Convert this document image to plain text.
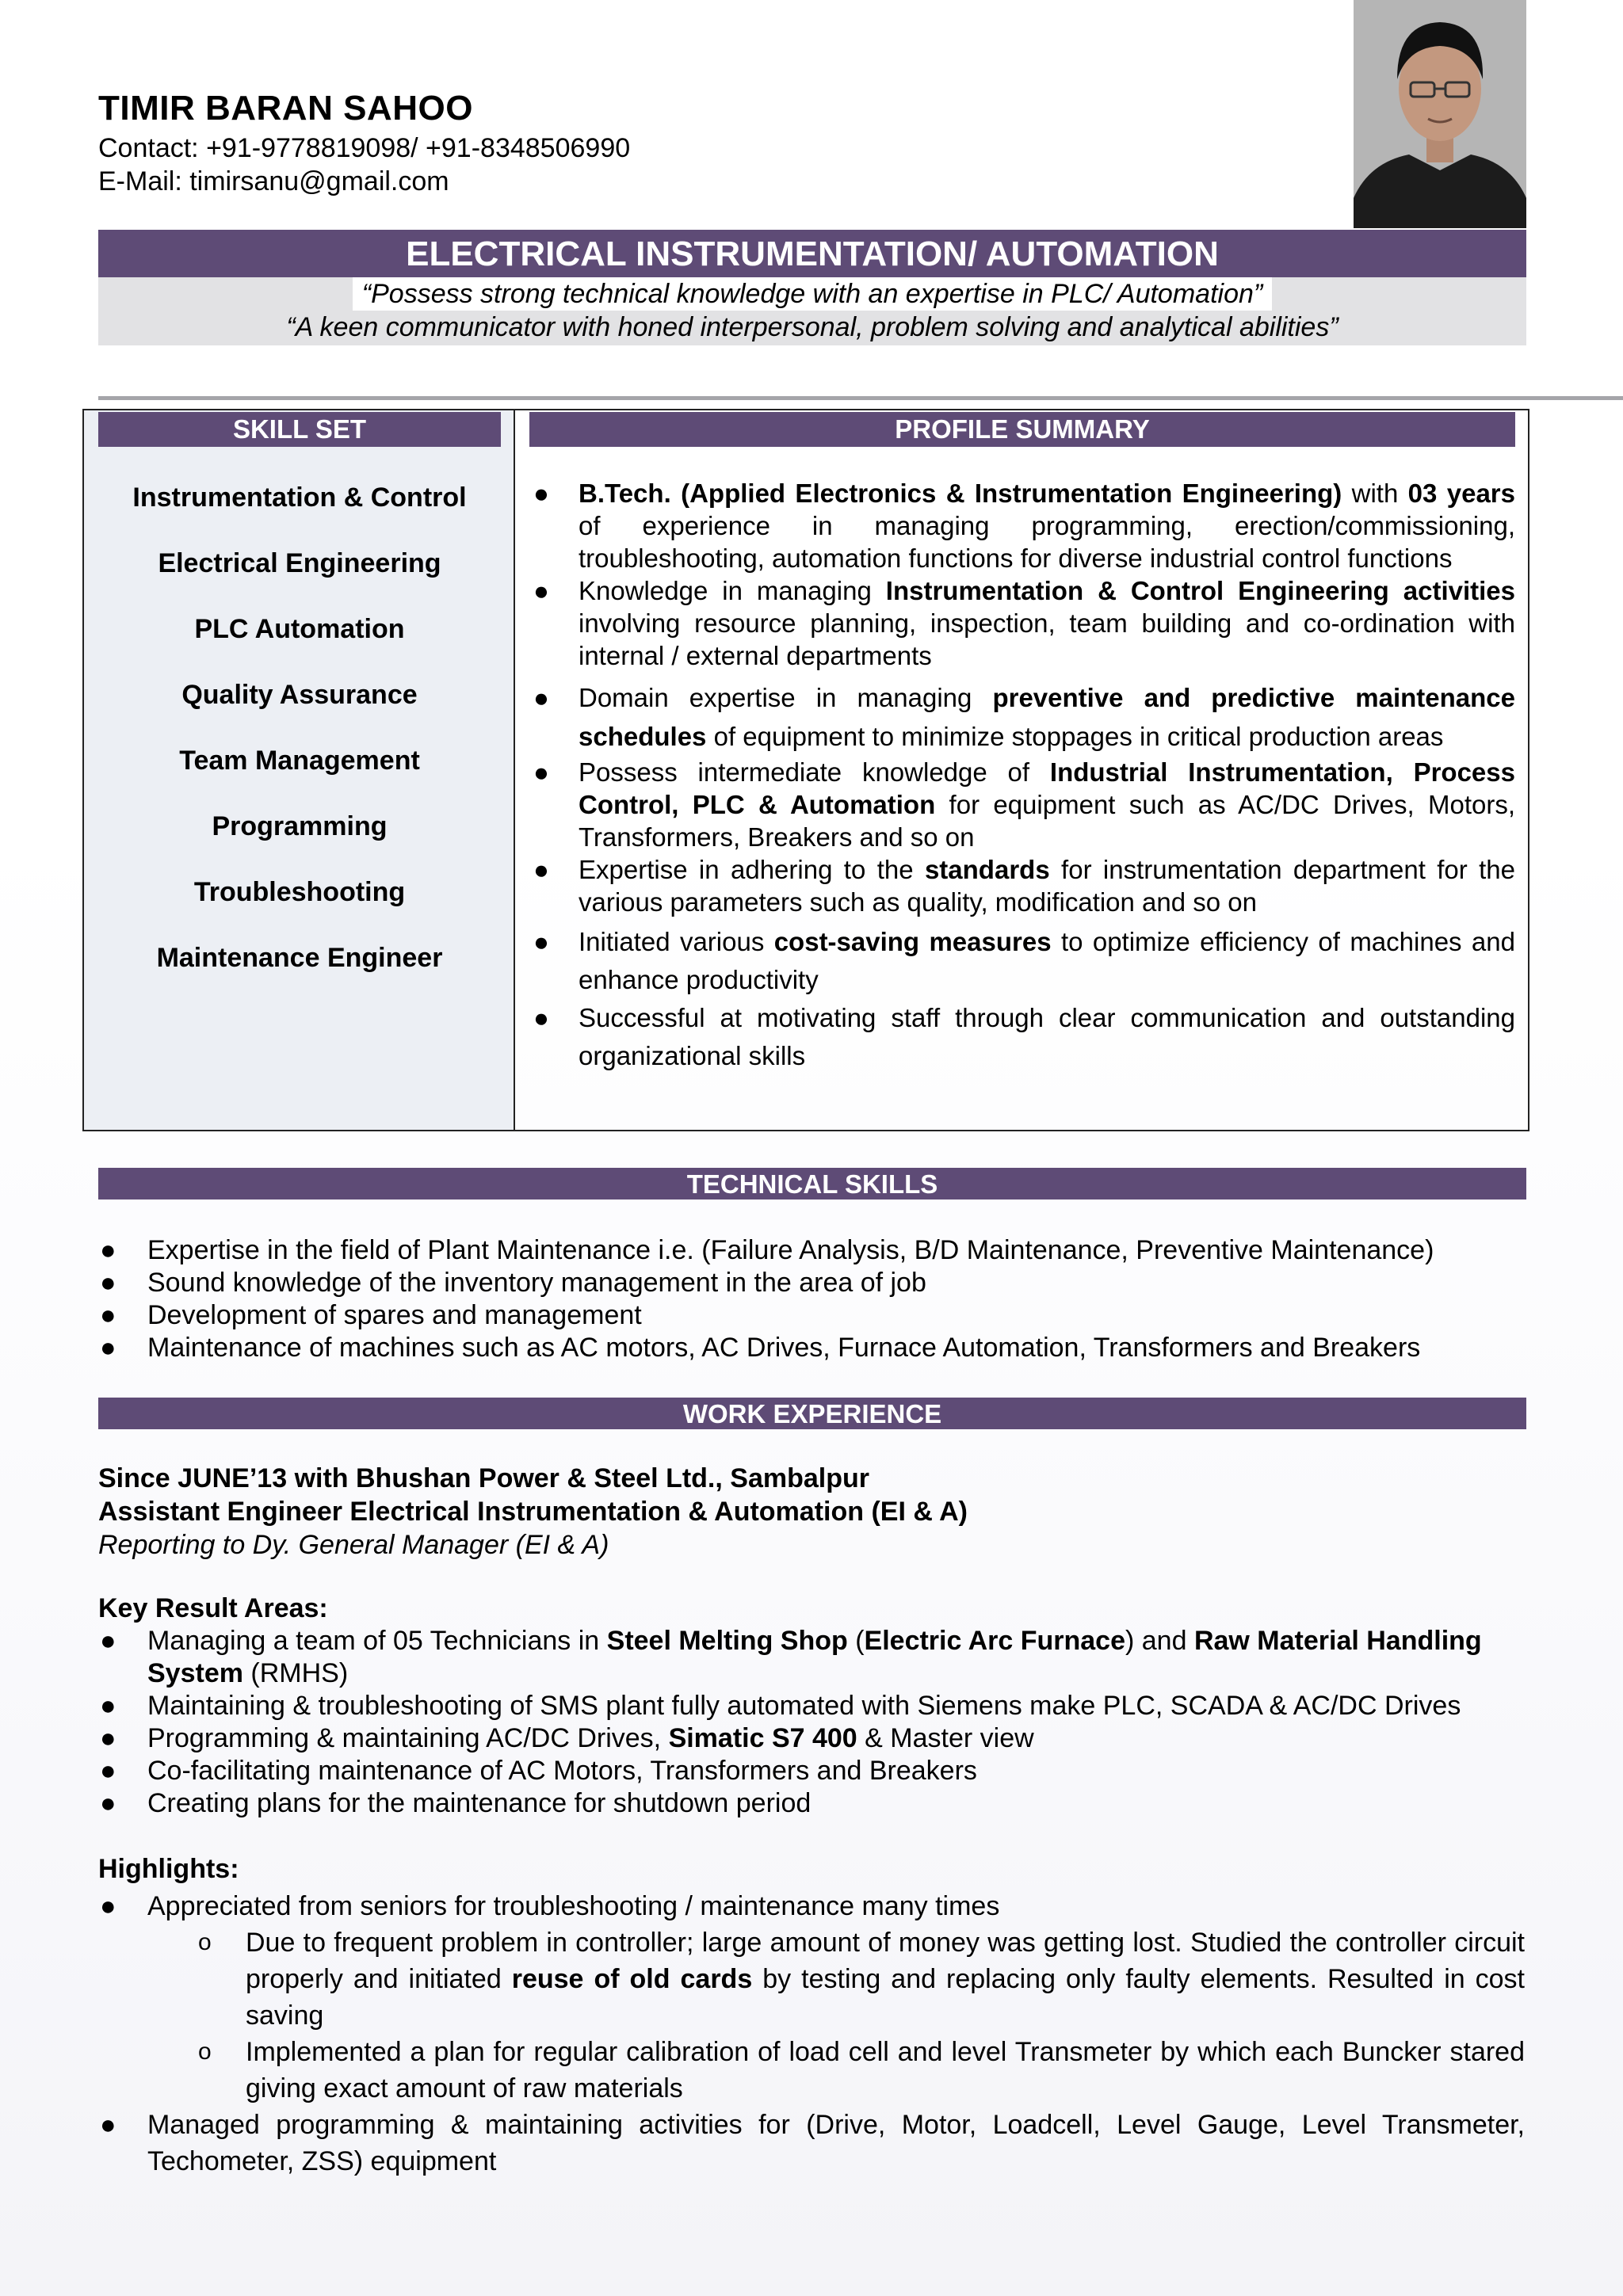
TIMIR BARAN SAHOO
Contact: +91-9778819098/ +91-8348506990
E-Mail: timirsanu@gmail.com
ELECTRICAL INSTRUMENTATION/ AUTOMATION
“Possess strong technical knowledge with an expertise in PLC/ Automation”
“A keen communicator with honed interpersonal, problem solving and analytical abilities”
SKILL SET	PROFILE SUMMARY
Instrumentation & Control
Electrical Engineering
PLC Automation
Quality Assurance
Team Management
Programming
Troubleshooting
Maintenance Engineer
● B.Tech. (Applied Electronics & Instrumentation Engineering) with 03 years of experience in managing programming, erection/commissioning, troubleshooting, automation functions for diverse industrial control functions
● Knowledge in managing Instrumentation & Control Engineering activities involving resource planning, inspection, team building and co-ordination with internal / external departments
● Domain expertise in managing preventive and predictive maintenance schedules of equipment to minimize stoppages in critical production areas
● Possess intermediate knowledge of Industrial Instrumentation, Process Control, PLC & Automation for equipment such as AC/DC Drives, Motors, Transformers, Breakers and so on
● Expertise in adhering to the standards for instrumentation department for the various parameters such as quality, modification and so on
● Initiated various cost-saving measures to optimize efficiency of machines and enhance productivity
● Successful at motivating staff through clear communication and outstanding organizational skills
TECHNICAL SKILLS
● Expertise in the field of Plant Maintenance i.e. (Failure Analysis, B/D Maintenance, Preventive Maintenance)
● Sound knowledge of the inventory management in the area of job
● Development of spares and management
● Maintenance of machines such as AC motors, AC Drives, Furnace Automation, Transformers and Breakers
WORK EXPERIENCE
Since JUNE’13 with Bhushan Power & Steel Ltd., Sambalpur
Assistant Engineer Electrical Instrumentation & Automation (EI & A)
Reporting to Dy. General Manager (EI & A)
Key Result Areas:
● Managing a team of 05 Technicians in Steel Melting Shop (Electric Arc Furnace) and Raw Material Handling System (RMHS)
● Maintaining & troubleshooting of SMS plant fully automated with Siemens make PLC, SCADA & AC/DC Drives
● Programming & maintaining AC/DC Drives, Simatic S7 400 & Master view
● Co-facilitating maintenance of AC Motors, Transformers and Breakers
● Creating plans for the maintenance for shutdown period
Highlights:
● Appreciated from seniors for troubleshooting / maintenance many times
o Due to frequent problem in controller; large amount of money was getting lost. Studied the controller circuit properly and initiated reuse of old cards by testing and replacing only faulty elements. Resulted in cost saving
o Implemented a plan for regular calibration of load cell and level Transmeter by which each Buncker stared giving exact amount of raw materials
● Managed programming & maintaining activities for (Drive, Motor, Loadcell, Level Gauge, Level Transmeter, Techometer, ZSS) equipment
